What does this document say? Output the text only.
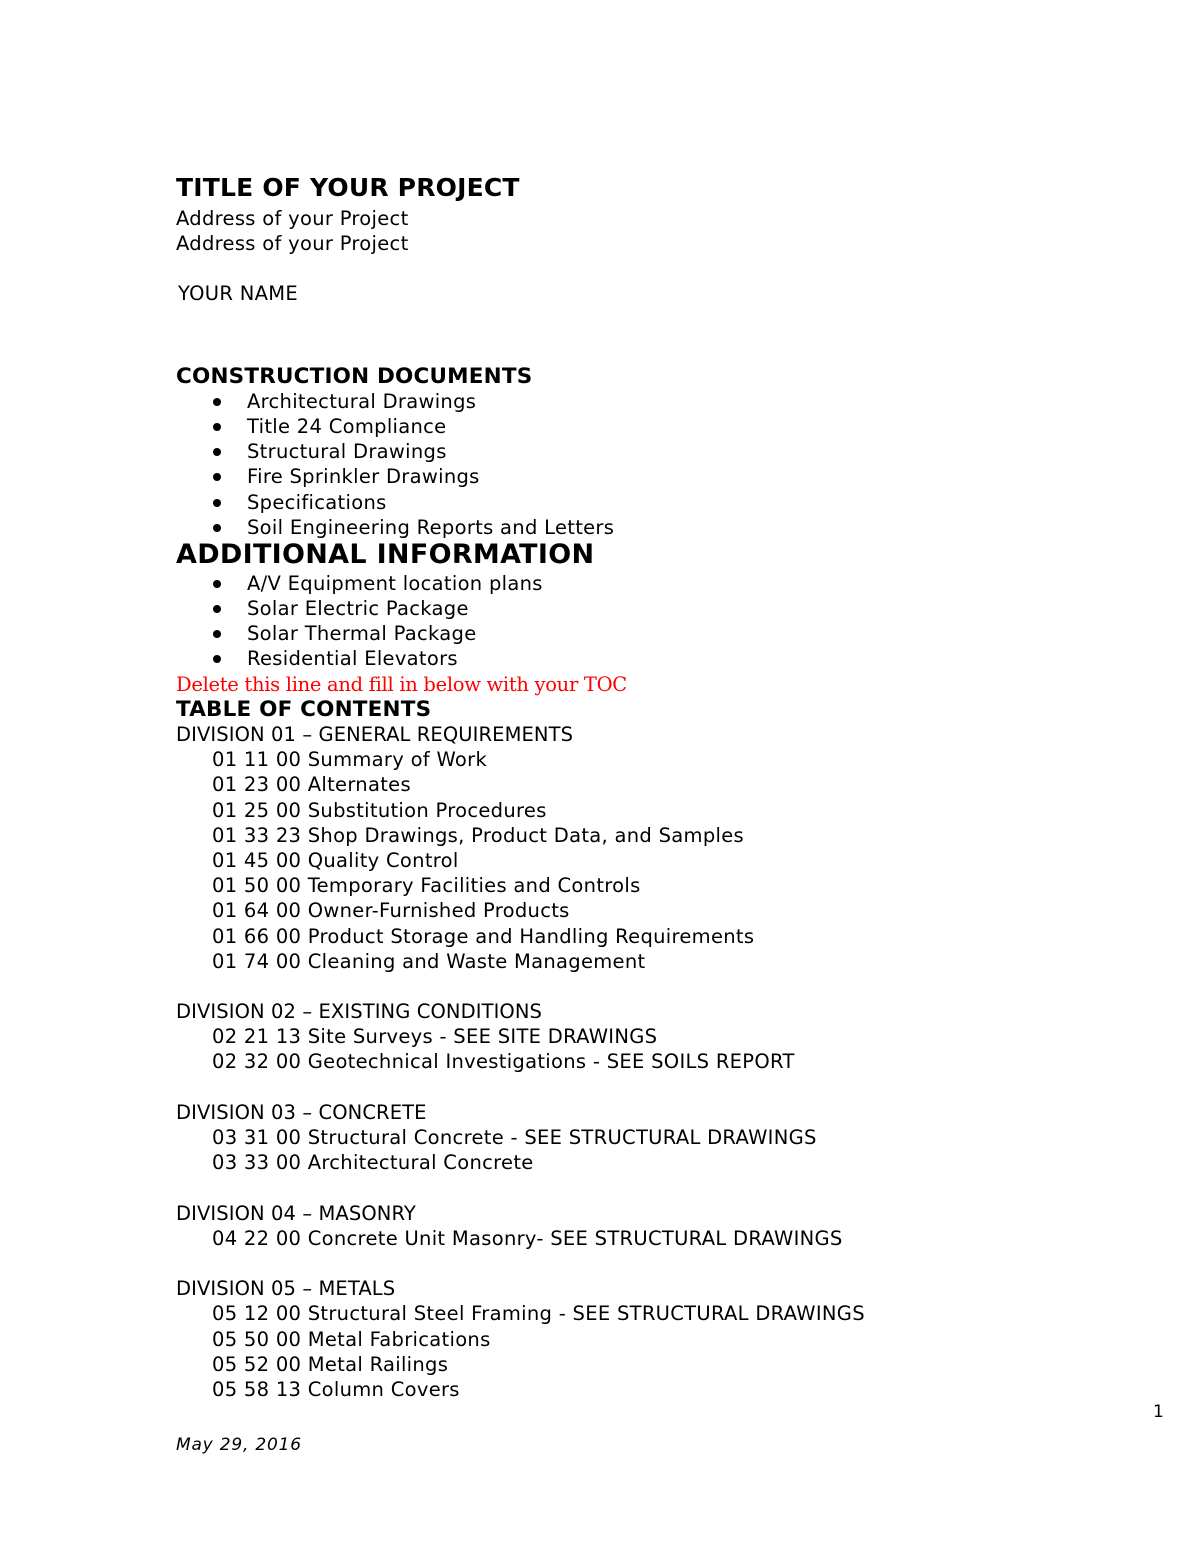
TITLE OF YOUR PROJECT
Address of your Project
Address of your Project
YOUR NAME
CONSTRUCTION DOCUMENTS
Architectural Drawings
Title 24 Compliance
Structural Drawings
Fire Sprinkler Drawings
Specifications
Soil Engineering Reports and Letters
ADDITIONAL INFORMATION
A/V Equipment location plans
Solar Electric Package
Solar Thermal Package
Residential Elevators
Delete this line and fill in below with your TOC
TABLE OF CONTENTS
DIVISION 01 – GENERAL REQUIREMENTS
01 11 00 Summary of Work
01 23 00 Alternates
01 25 00 Substitution Procedures
01 33 23 Shop Drawings, Product Data, and Samples
01 45 00 Quality Control
01 50 00 Temporary Facilities and Controls
01 64 00 Owner-Furnished Products
01 66 00 Product Storage and Handling Requirements
01 74 00 Cleaning and Waste Management
DIVISION 02 – EXISTING CONDITIONS
02 21 13 Site Surveys - SEE SITE DRAWINGS
02 32 00 Geotechnical Investigations - SEE SOILS REPORT
DIVISION 03 – CONCRETE
03 31 00 Structural Concrete - SEE STRUCTURAL DRAWINGS
03 33 00 Architectural Concrete
DIVISION 04 – MASONRY
04 22 00 Concrete Unit Masonry- SEE STRUCTURAL DRAWINGS
DIVISION 05 – METALS
05 12 00 Structural Steel Framing - SEE STRUCTURAL DRAWINGS
05 50 00 Metal Fabrications
05 52 00 Metal Railings
05 58 13 Column Covers
1
May 29, 2016
